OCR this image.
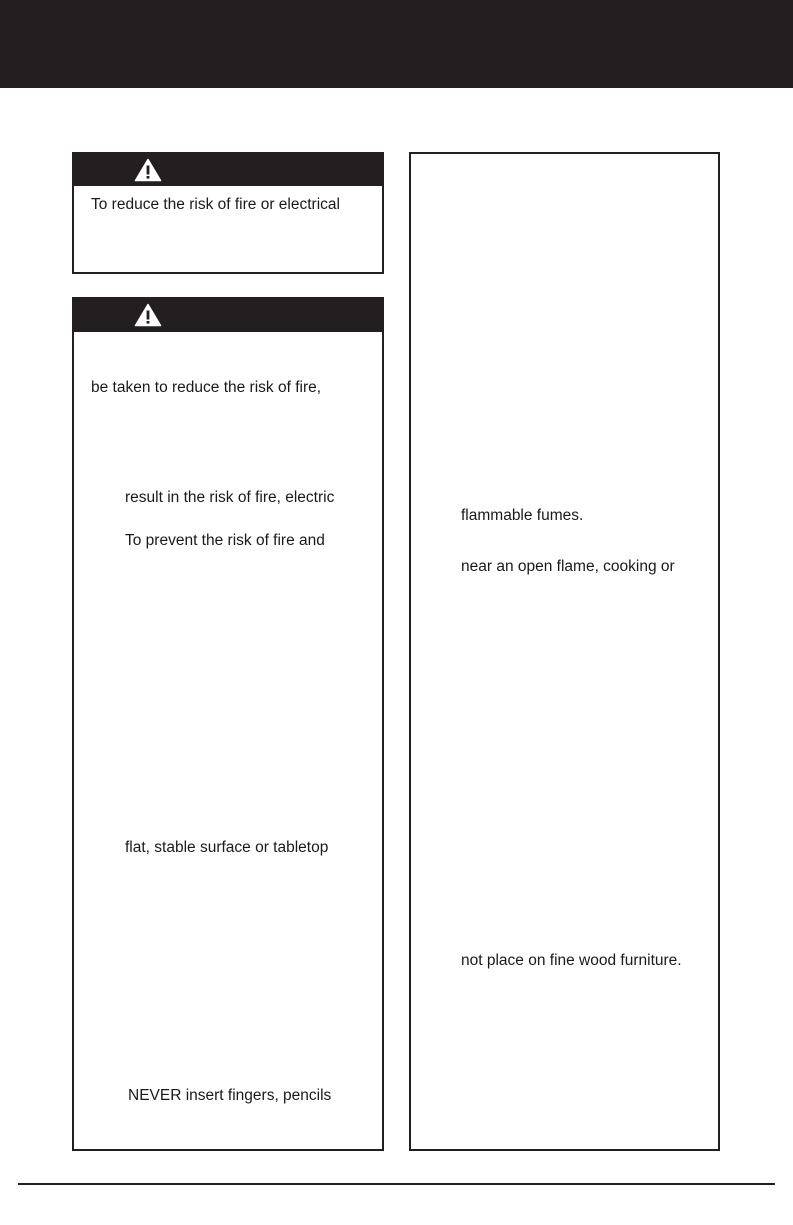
To reduce the risk of fire or electrical
be taken to reduce the risk of fire,
result in the risk of fire, electric
To prevent the risk of fire and
flat, stable surface or tabletop
NEVER insert fingers, pencils
flammable fumes.
near an open flame, cooking or
not place on fine wood furniture.
